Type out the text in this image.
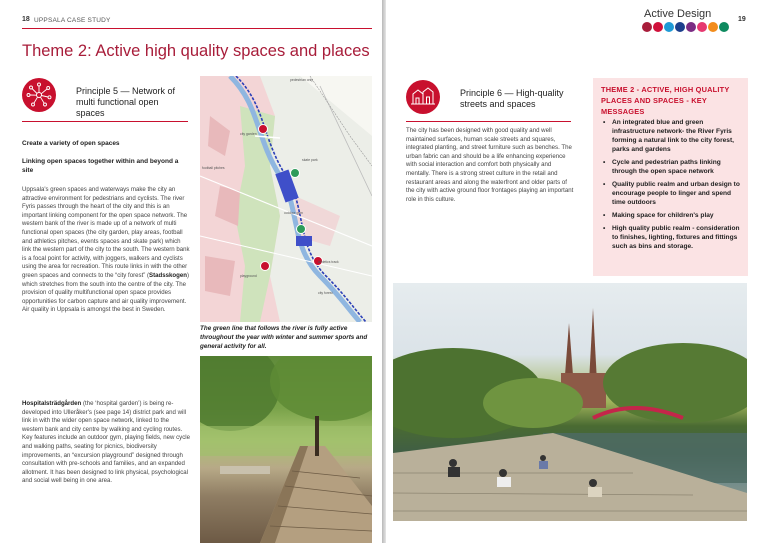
18 UPPSALA CASE STUDY
Theme 2: Active high quality spaces and places
Principle 5 — Network of multi functional open spaces
Create a variety of open spaces
Linking open spaces together within and beyond a site
Uppsala's green spaces and waterways make the city an attractive environment for pedestrians and cyclists. The river Fyris passes through the heart of the city and this is an important linking component for the open space network. The western bank of the river is made up of a network of multi functional open spaces (the city garden, play areas, football and athletics pitches, events spaces and skate park) which link the western part of the city to the south. The western bank is a focal point for activity, with joggers, walkers and cyclists using the area for recreation. This route links in with the other green spaces and connects to the “city forest” (Stadsskogen) which stretches from the south into the centre of the city. The provision of quality multifunctional open space provides opportunities for carbon capture and air quality improvement. Air quality in Uppsala is amongst the best in Sweden.
Hospitalsträdgården (the ‘hospital garden’) is being re-developed into Ulleråker's (see page 14) district park and will link in with the wider open space network, linked to the western bank and city centre by walking and cycling routes. Key features include an outdoor gym, playing fields, new cycle and walking paths, seating for picnics, biodiversity improvements, an “excursion playground” designed through consultation with pre-schools and families, and an expanded allotment. It has been designed to link physical, psychological and social well being in one area.
pedestrian only
city garden
football pitches
skate park
outdoor gym
athletics track
playground
city forest
The green line that follows the river is fully active throughout the year with winter and summer sports and general activity for all.
Active Design	19
Principle 6 — High-quality streets and spaces
The city has been designed with good quality and well maintained surfaces, human scale streets and squares, integrated planting, and street furniture such as benches. The urban fabric can and should be a life enhancing experience with social interaction and comfort both physically and mentally. There is a strong street culture in the retail and restaurant areas and along the waterfront and older parts of the city with active ground floor frontages playing an important role in this culture.
THEME 2 - ACTIVE, HIGH QUALITY PLACES AND SPACES - KEY MESSAGES
• An integrated blue and green infrastructure network- the River Fyris forming a natural link to the city forest, parks and gardens
• Cycle and pedestrian paths linking through the open space network
• Quality public realm and urban design to encourage people to linger and spend time outdoors
• Making space for children's play
• High quality public realm - consideration to finishes, lighting, fixtures and fittings such as bins and storage.
